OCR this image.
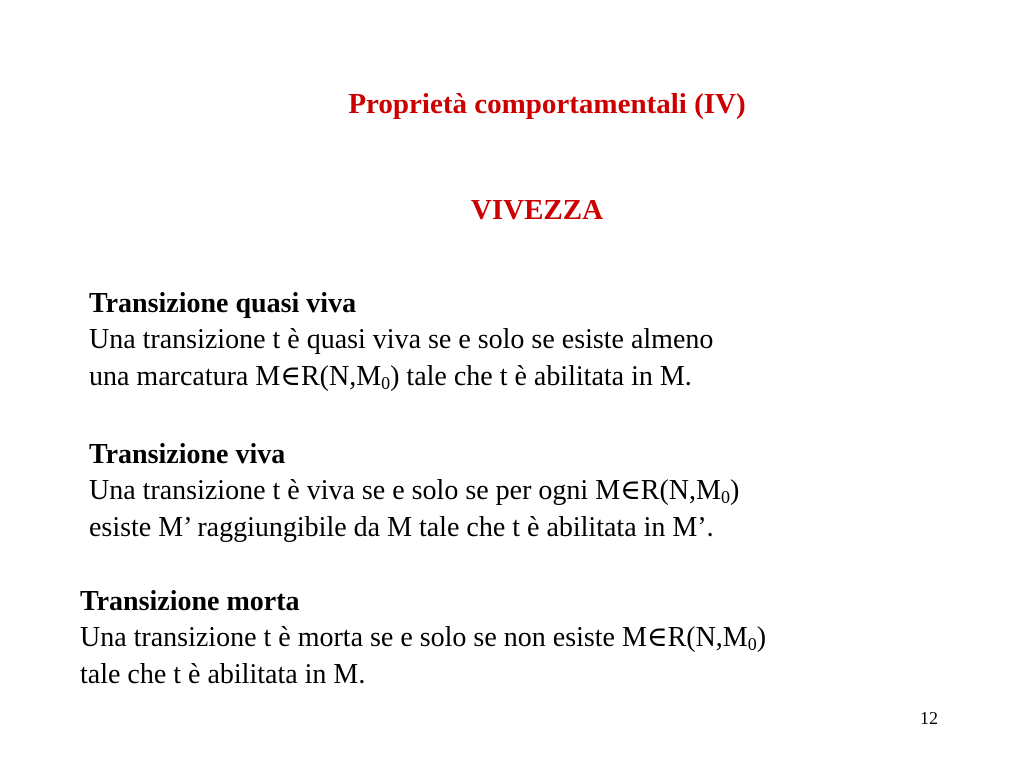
Proprietà comportamentali (IV)
VIVEZZA
Transizione quasi viva
Una transizione t è quasi viva se e solo se esiste almeno
una marcatura $M\in R(N,M_0)$ tale che t è abilitata in M.
Transizione viva
Una transizione t è viva se e solo se per ogni $M\in R(N,M_0)$
esiste M’ raggiungibile da M tale che t è abilitata in M’.
Transizione morta
Una transizione t è morta se e solo se non esiste $M\in R(N,M_0)$
tale che t è abilitata in M.
12
